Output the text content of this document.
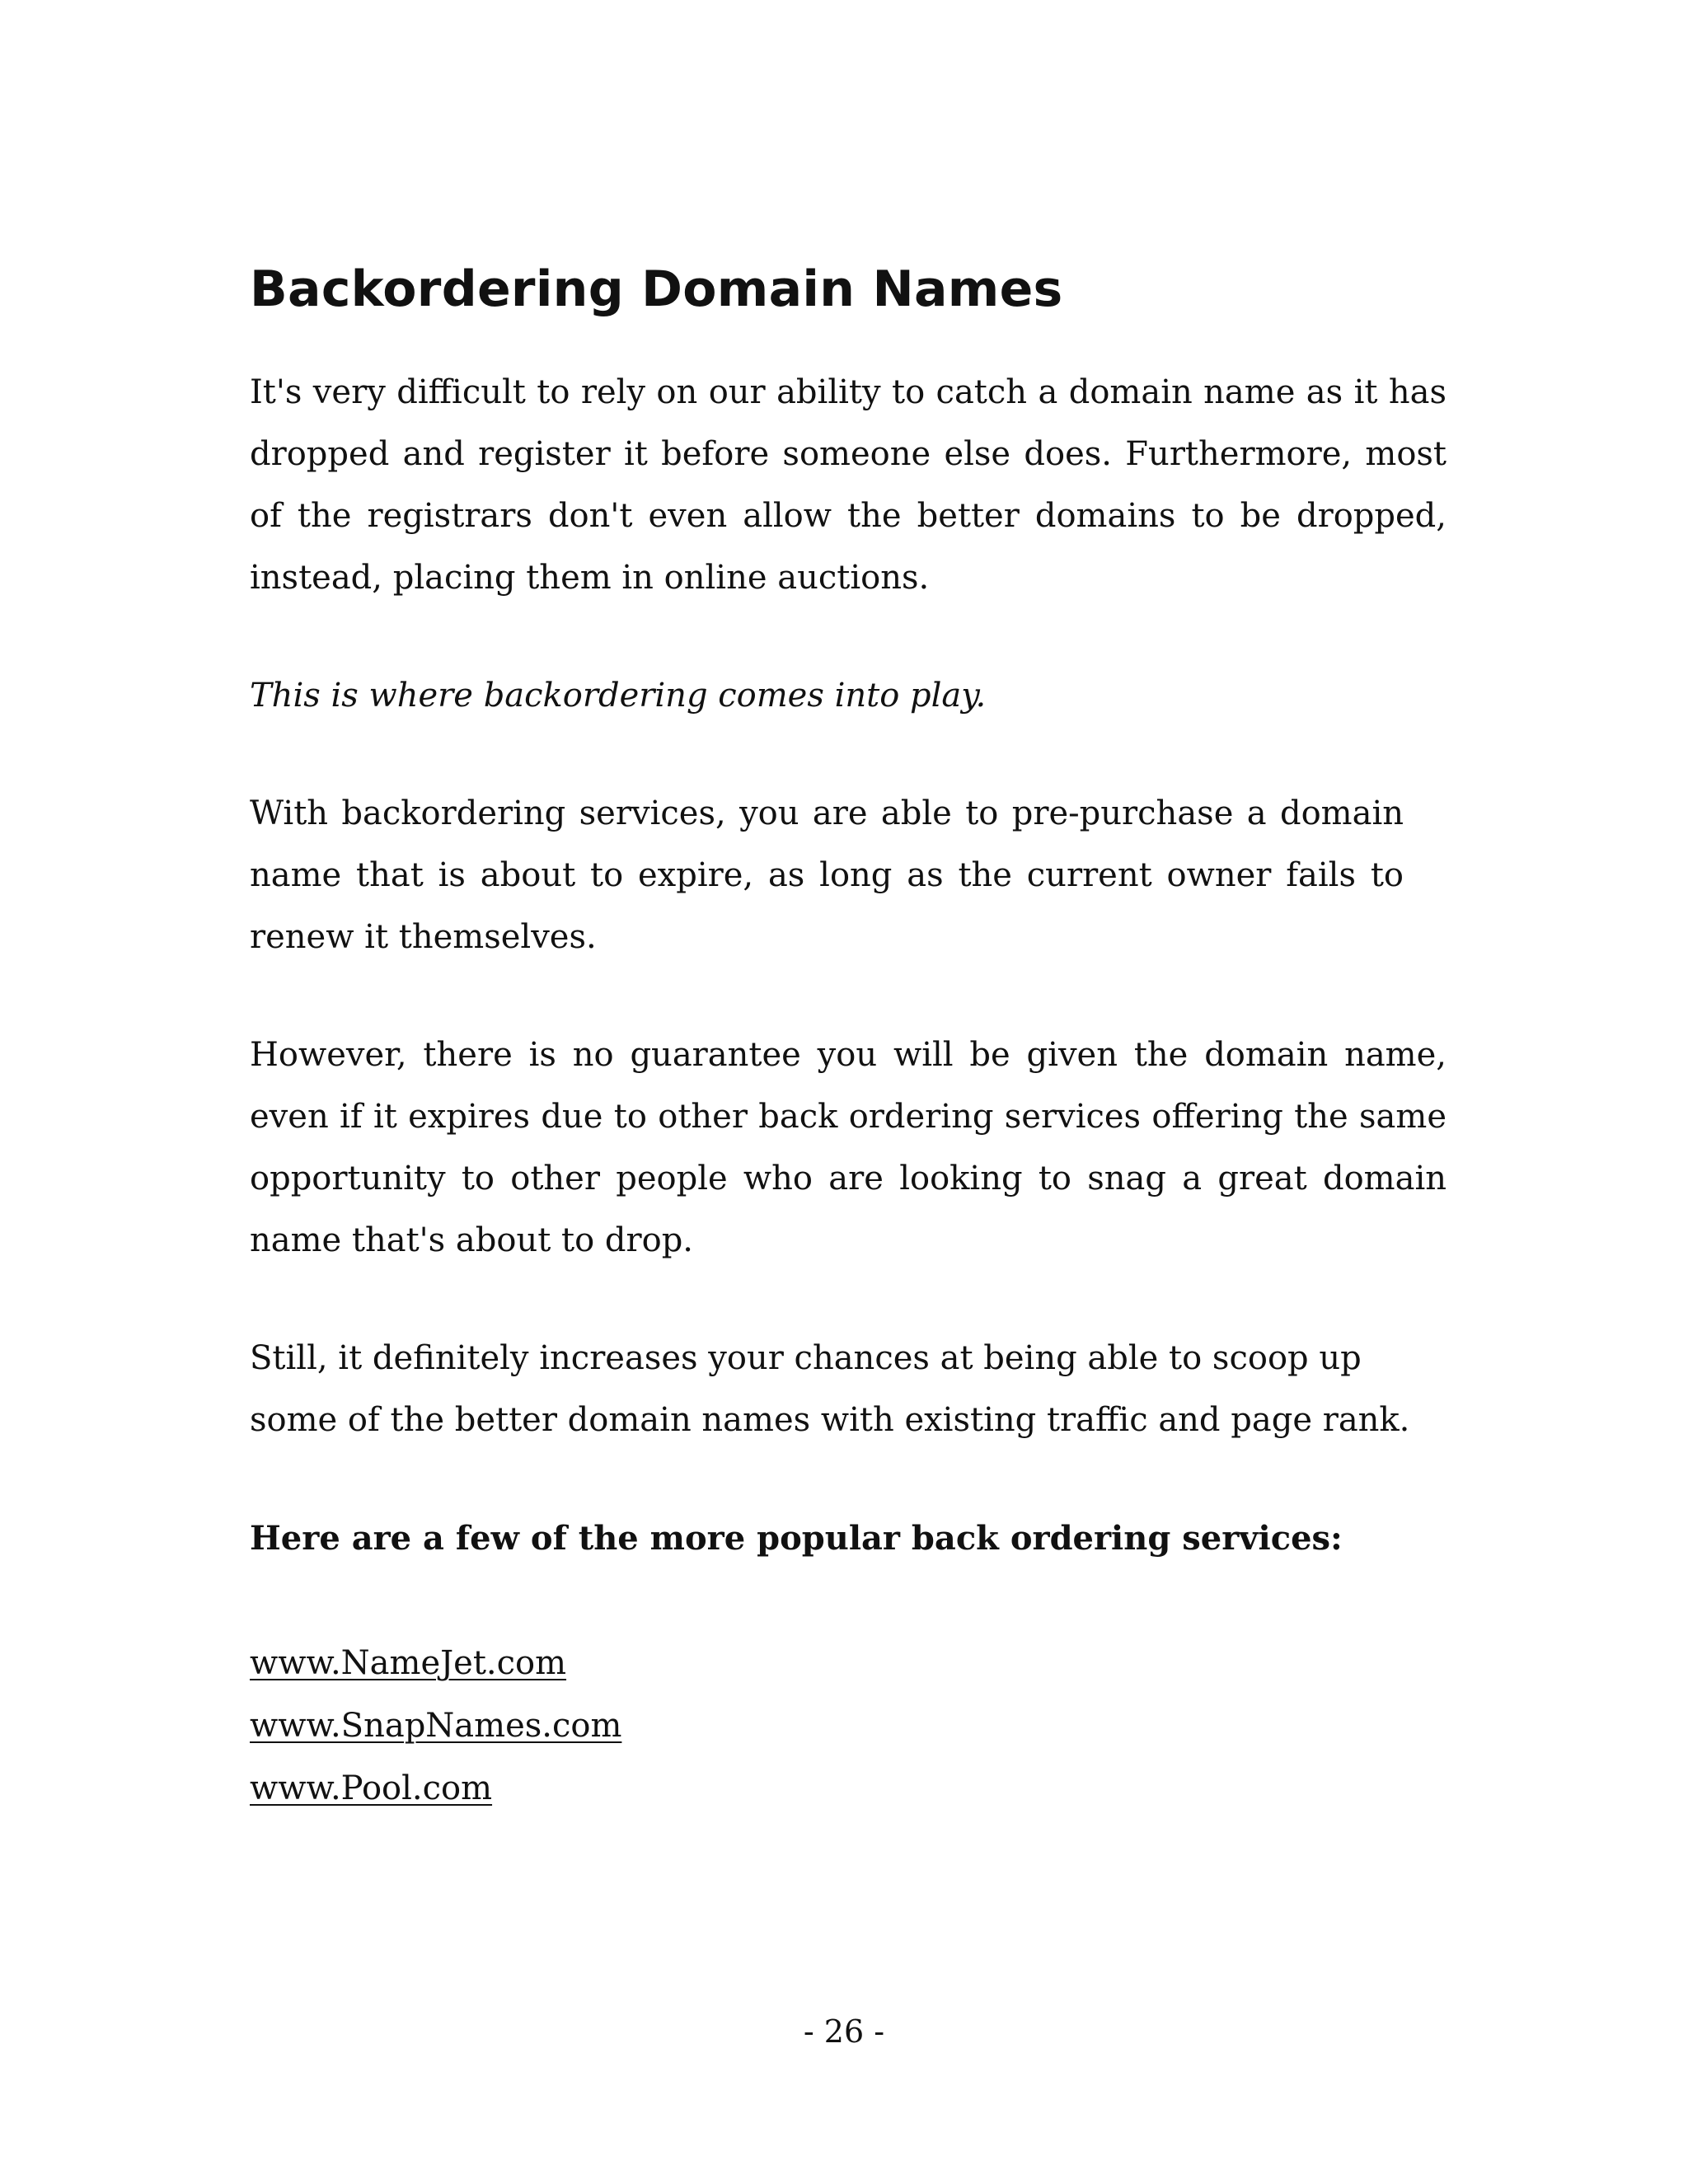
Backordering Domain Names

It's very difficult to rely on our ability to catch a domain name as it has dropped and register it before someone else does. Furthermore, most of the registrars don't even allow the better domains to be dropped, instead, placing them in online auctions.

This is where backordering comes into play.

With backordering services, you are able to pre-purchase a domain name that is about to expire, as long as the current owner fails to renew it themselves.

However, there is no guarantee you will be given the domain name, even if it expires due to other back ordering services offering the same opportunity to other people who are looking to snag a great domain name that's about to drop.

Still, it definitely increases your chances at being able to scoop up some of the better domain names with existing traffic and page rank.

Here are a few of the more popular back ordering services:

www.NameJet.com
www.SnapNames.com
www.Pool.com
- 26 -
